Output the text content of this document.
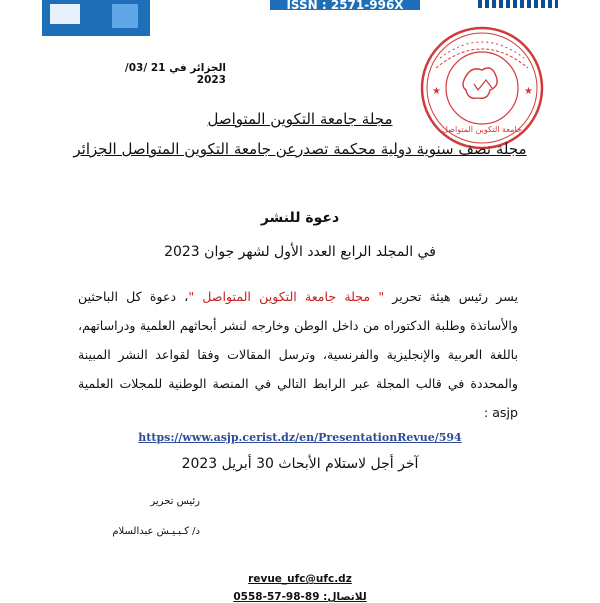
ISSN : 2571-996X
الجزائر في 21 /03/ 2023
★	★
جامعة التكوين المتواصل
مجلة جامعة التكوين المتواصل
مجلة نصف سنوية دولية محكمة تصدرعن جامعة التكوين المتواصل الجزائر
دعوة للنشر
في المجلد الرابع العدد الأول لشهر جوان 2023
يسر رئيس هيئة تحرير " مجلة جامعة التكوين المتواصل "، دعوة كل الباحثين والأساتذة وطلبة الدكتوراه من داخل الوطن وخارجه لنشر أبحاثهم العلمية ودراساتهم، باللغة العربية والإنجليزية والفرنسية، وترسل المقالات وفقا لقواعد النشر المبينة والمحددة في قالب المجلة عبر الرابط التالي في المنصة الوطنية للمجلات العلمية asjp :
https://www.asjp.cerist.dz/en/PresentationRevue/594
آخر أجل لاستلام الأبحاث 30 أبريل 2023
رئيس تحرير
د/ كـبـيـش عبدالسلام
revue_ufc@ufc.dz
للاتصال: 89-98-57-0558
